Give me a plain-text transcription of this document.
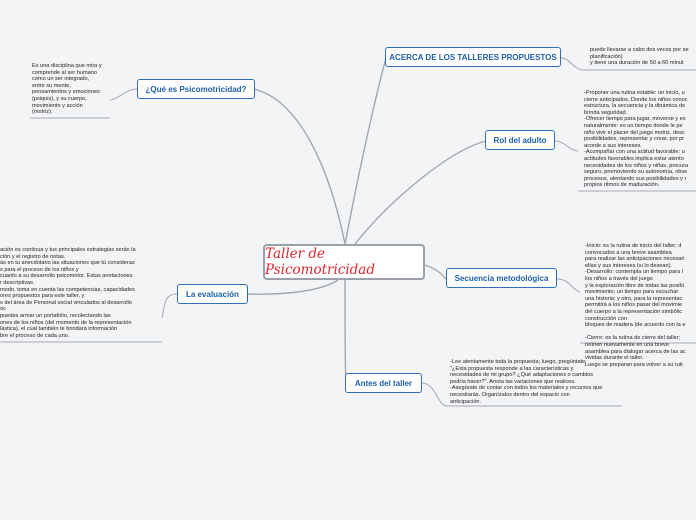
Taller de Psicomotricidad
¿Qué es Psicomotricidad?
La evaluación
ACERCA DE LOS TALLERES PROPUESTOS
Rol del adulto
Secuencia metodológica
Antes del taller
Es una disciplina que mira y
comprende al ser humano
como un ser integrado,
entre su mente,
pensamientos y emociones
(psiquis), y su cuerpo,
movimiento y acción
(motriz).
ación es continua y tus principales estrategias serán la
ción y el registro de notas.
ás en tu anecdotario las situaciones que tú consideras
s para el proceso de los niños y
cuanto a su desarrollo psicomotor. Estas anotaciones
r descriptivas.
modo, toma en cuenta las competencias, capacidades
ores propuestos para este taller, y
s del área de Personal social vinculados al desarrollo
oc
puedes armar un portafolio, recolectando las
ones de los niños (del momento de la representación
lástica), el cual también te brindará información
bre el proceso de cada uno.
puede llevarse a cabo dos veces por se
planificación)
y tiene una duración de 50 a 60 minut
-Proponer una rutina estable: un inicio, u
cierre anticipados. Donde los niños conoc
estructura, la secuencia y la dinámica de
brinda seguridad.
-Ofrecer tiempo para jugar, moverse y ex
naturalmente: es un tiempo donde le pe
niño vivir el placer del juego motriz, desc
posibilidades, representar y crear, por pr
acorde a sus intereses.
-Acompañar con una actitud favorable: u
actitudes favorables implica estar atento
necesidades de los niños y niñas, procura
seguro, promoviendo su autonomía, obse
procesos, alentando sus posibilidades y r
propios ritmos de maduración.
-Inicio: es la rutina de inicio del taller; d
convocados a una breve asamblea
para realizar las anticipaciones necesari
ellas y sus intereses (si lo desean).
-Desarrollo: contempla un tiempo para l
los niños a través del juego
y la exploración libre de todas las posibi
movimiento; un tiempo para escuchar
una historia; y otro, para la representac
permitirá a los niños pasar del movimie
del cuerpo a la representación simbólic
construcción con
bloques de madera (de acuerdo con la e

-Cierre: es la rutina de cierre del taller;
reúnen nuevamente en una breve
asamblea para dialogar acerca de las ac
vividas durante el taller.
Luego se preparan para volver a su ruti
-Lee atentamente toda la propuesta; luego, pregúntate:
"¿Esta propuesta responde a las características y
necesidades de mi grupo? ¿Qué adaptaciones o cambios
podría hacer?". Anota las variaciones que realices.
-Asegúrate de contar con todos los materiales y recursos que
necesitarás. Organízalos dentro del espacio con
anticipación.
